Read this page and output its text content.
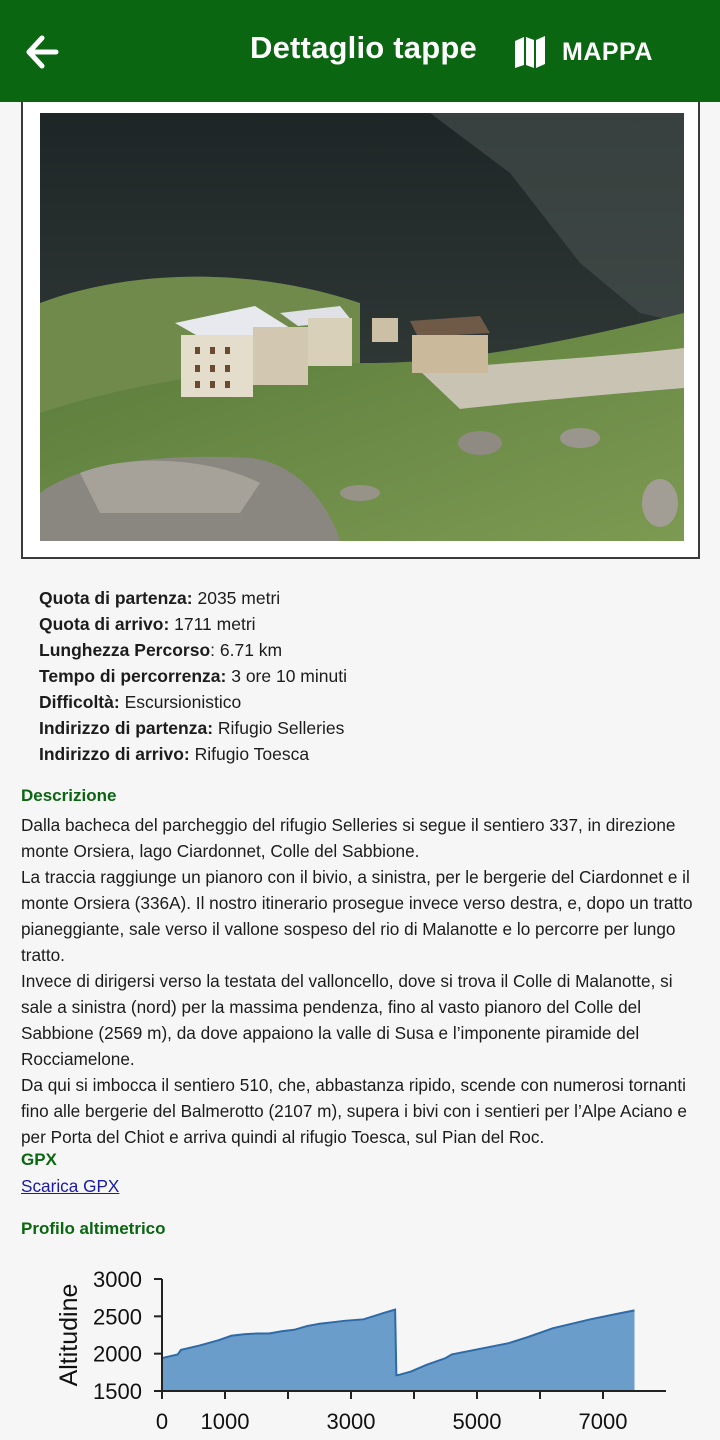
Dettaglio tappe	MAPPA
Quota di partenza: 2035 metri
Quota di arrivo: 1711 metri
Lunghezza Percorso: 6.71 km
Tempo di percorrenza: 3 ore 10 minuti
Difficoltà: Escursionistico
Indirizzo di partenza: Rifugio Selleries
Indirizzo di arrivo: Rifugio Toesca
Descrizione
Dalla bacheca del parcheggio del rifugio Selleries si segue il sentiero 337, in direzione monte Orsiera, lago Ciardonnet, Colle del Sabbione.
La traccia raggiunge un pianoro con il bivio, a sinistra, per le bergerie del Ciardonnet e il monte Orsiera (336A). Il nostro itinerario prosegue invece verso destra, e, dopo un tratto pianeggiante, sale verso il vallone sospeso del rio di Malanotte e lo percorre per lungo tratto.
Invece di dirigersi verso la testata del valloncello, dove si trova il Colle di Malanotte, si sale a sinistra (nord) per la massima pendenza, fino al vasto pianoro del Colle del Sabbione (2569 m), da dove appaiono la valle di Susa e l’imponente piramide del Rocciamelone.
Da qui si imbocca il sentiero 510, che, abbastanza ripido, scende con numerosi tornanti fino alle bergerie del Balmerotto (2107 m), supera i bivi con i sentieri per l’Alpe Aciano e per Porta del Chiot e arriva quindi al rifugio Toesca, sul Pian del Roc.
GPX
Scarica GPX
Profilo altimetrico
1500
2000
2500
3000
0 1000	3000	5000	7000
Altitudine
